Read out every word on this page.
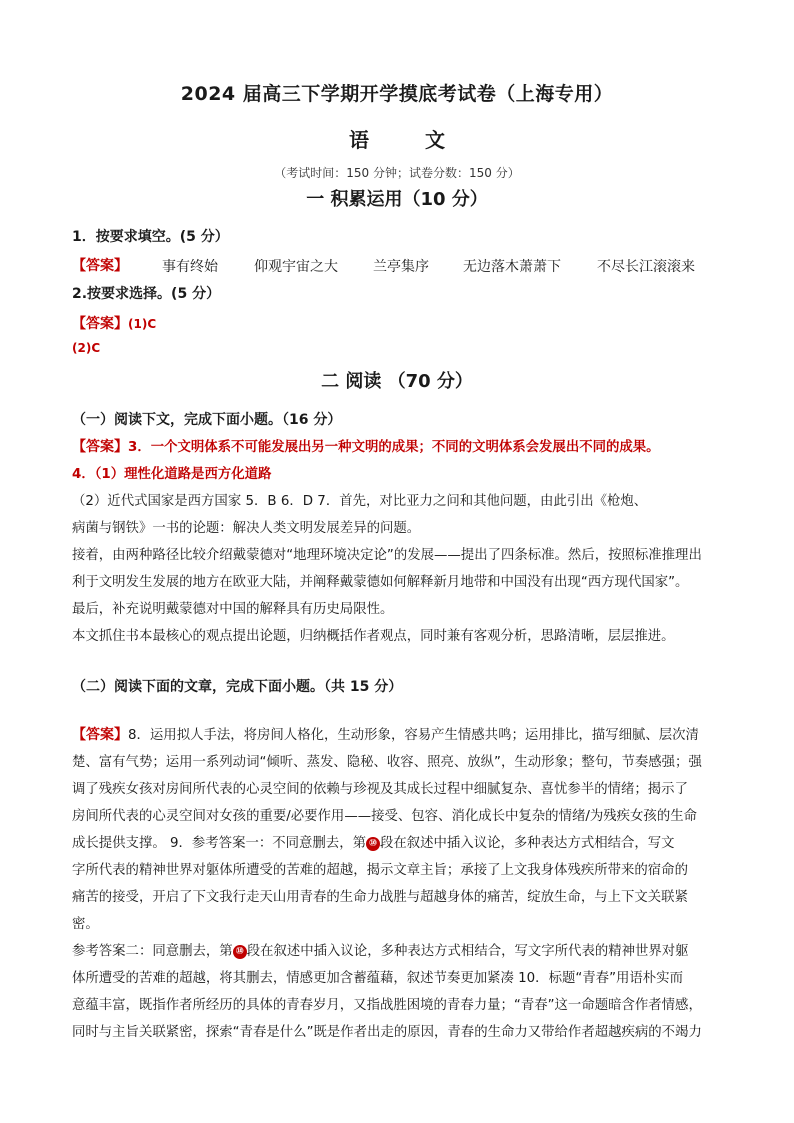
2024 届高三下学期开学摸底考试卷（上海专用）
语	文
（考试时间：150 分钟；试卷分数：150 分）
一 积累运用（10 分）
1．按要求填空。(5 分）
【答案】 事有终始	仰观宇宙之大	兰亭集序 无边落木萧萧下	不尽长江滚滚来
2.按要求选择。(5 分）
【答案】(1)C
(2)C
二 阅读 （70 分）
（一）阅读下文，完成下面小题。（16 分）
【答案】3．一个文明体系不可能发展出另一种文明的成果；不同的文明体系会发展出不同的成果。
4．（1）理性化道路是西方化道路
（2）近代式国家是西方国家 5．B 6．D 7．首先，对比亚力之问和其他问题，由此引出《枪炮、
病菌与钢铁》一书的论题：解决人类文明发展差异的问题。
接着，由两种路径比较介绍戴蒙德对“地理环境决定论”的发展——提出了四条标准。然后，按照标准推理出
利于文明发生发展的地方在欧亚大陆，并阐释戴蒙德如何解释新月地带和中国没有出现“西方现代国家”。
最后，补充说明戴蒙德对中国的解释具有历史局限性。
本文抓住书本最核心的观点提出论题，归纳概括作者观点，同时兼有客观分析，思路清晰，层层推进。
（二）阅读下面的文章，完成下面小题。（共 15 分）
【答案】8．运用拟人手法，将房间人格化，生动形象，容易产生情感共鸣；运用排比，描写细腻、层次清
楚、富有气势；运用一系列动词“倾听、蒸发、隐秘、收容、照亮、放纵”，生动形象；整句，节奏感强；强
调了残疾女孩对房间所代表的心灵空间的依赖与珍视及其成长过程中细腻复杂、喜忧参半的情绪；揭示了
房间所代表的心灵空间对女孩的重要/必要作用——接受、包容、消化成长中复杂的情绪/为残疾女孩的生命
成长提供支撑。 9．参考答案一：不同意删去，第 ⑩ 段在叙述中插入议论，多种表达方式相结合，写文
字所代表的精神世界对躯体所遭受的苦难的超越，揭示文章主旨；承接了上文我身体残疾所带来的宿命的
痛苦的接受，开启了下文我行走天山用青春的生命力战胜与超越身体的痛苦，绽放生命，与上下文关联紧
密。
参考答案二：同意删去，第 ⑩ 段在叙述中插入议论，多种表达方式相结合，写文字所代表的精神世界对躯
体所遭受的苦难的超越，将其删去，情感更加含蓄蕴藉，叙述节奏更加紧凑 10．标题“青春”用语朴实而
意蕴丰富，既指作者所经历的具体的青春岁月，又指战胜困境的青春力量；“青春”这一命题暗含作者情感，
同时与主旨关联紧密，探索“青春是什么”既是作者出走的原因，青春的生命力又带给作者超越疾病的不竭力
